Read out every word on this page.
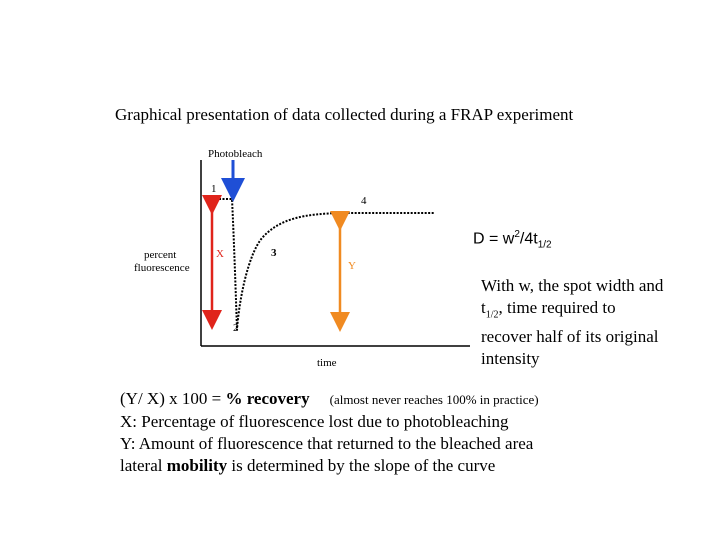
Graphical presentation of data collected during a FRAP experiment
Photobleach
percent
fluorescence
time
1
2
3
4
X
Y
$D = w^2/4t_{1/2}$
With w, the spot width and
$t_{1/2}$, time required to
recover half of its original
intensity
(Y/ X) x 100 = % recovery (almost never reaches 100% in practice)
X: Percentage of fluorescence lost due to photobleaching
Y: Amount of fluorescence that returned to the bleached area
lateral mobility is determined by the slope of the curve
